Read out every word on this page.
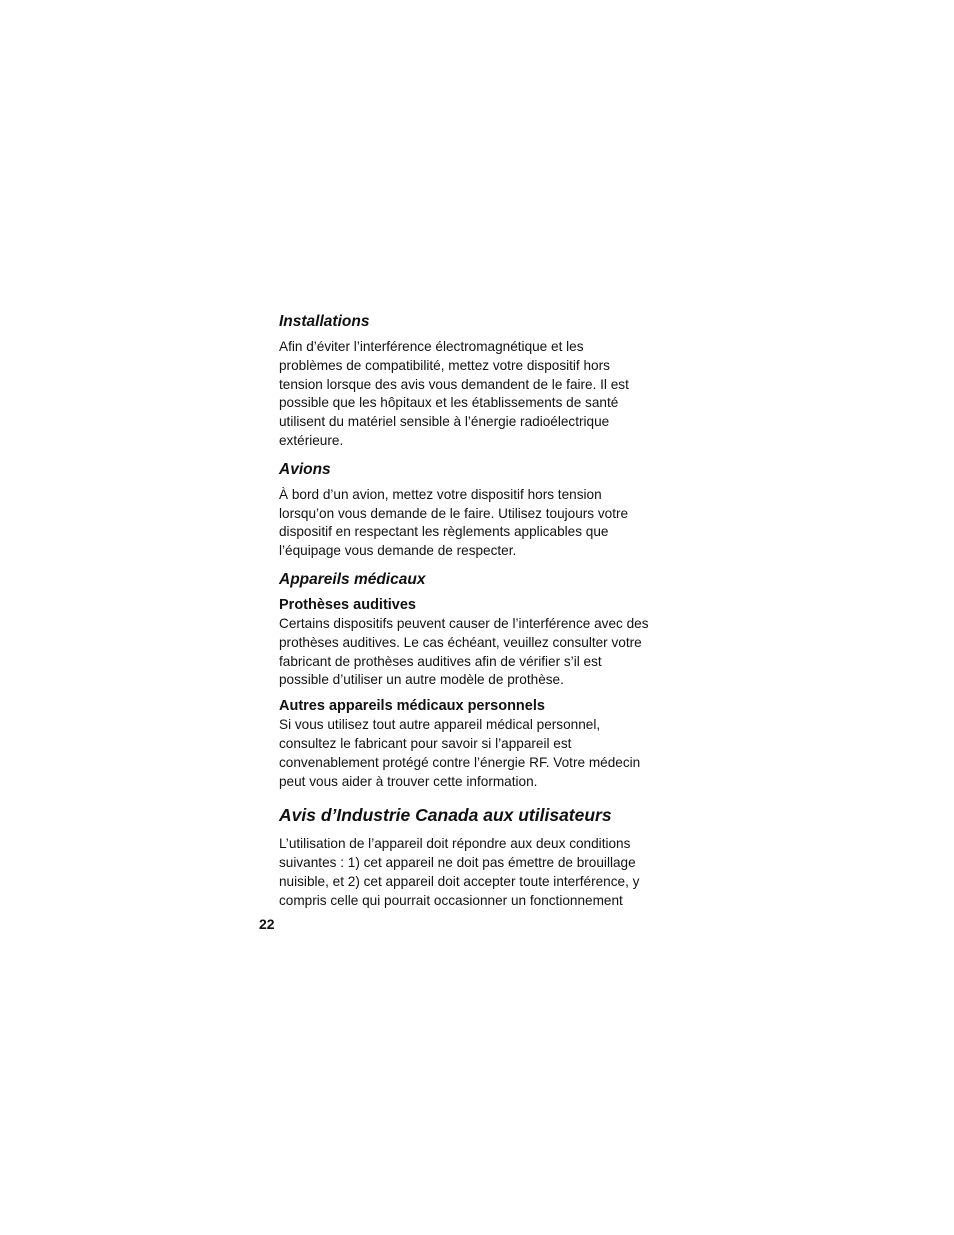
Installations

Afin d’éviter l’interférence électromagnétique et les
problèmes de compatibilité, mettez votre dispositif hors
tension lorsque des avis vous demandent de le faire. Il est
possible que les hôpitaux et les établissements de santé
utilisent du matériel sensible à l’énergie radioélectrique
extérieure.

Avions

À bord d’un avion, mettez votre dispositif hors tension
lorsqu’on vous demande de le faire. Utilisez toujours votre
dispositif en respectant les règlements applicables que
l’équipage vous demande de respecter.

Appareils médicaux
Prothèses auditives

Certains dispositifs peuvent causer de l’interférence avec des
prothèses auditives. Le cas échéant, veuillez consulter votre
fabricant de prothèses auditives afin de vérifier s’il est
possible d’utiliser un autre modèle de prothèse.

Autres appareils médicaux personnels

Si vous utilisez tout autre appareil médical personnel,
consultez le fabricant pour savoir si l’appareil est
convenablement protégé contre l’énergie RF. Votre médecin
peut vous aider à trouver cette information.

Avis d’Industrie Canada aux utilisateurs

L’utilisation de l’appareil doit répondre aux deux conditions
suivantes : 1) cet appareil ne doit pas émettre de brouillage
nuisible, et 2) cet appareil doit accepter toute interférence, y
compris celle qui pourrait occasionner un fonctionnement

22
